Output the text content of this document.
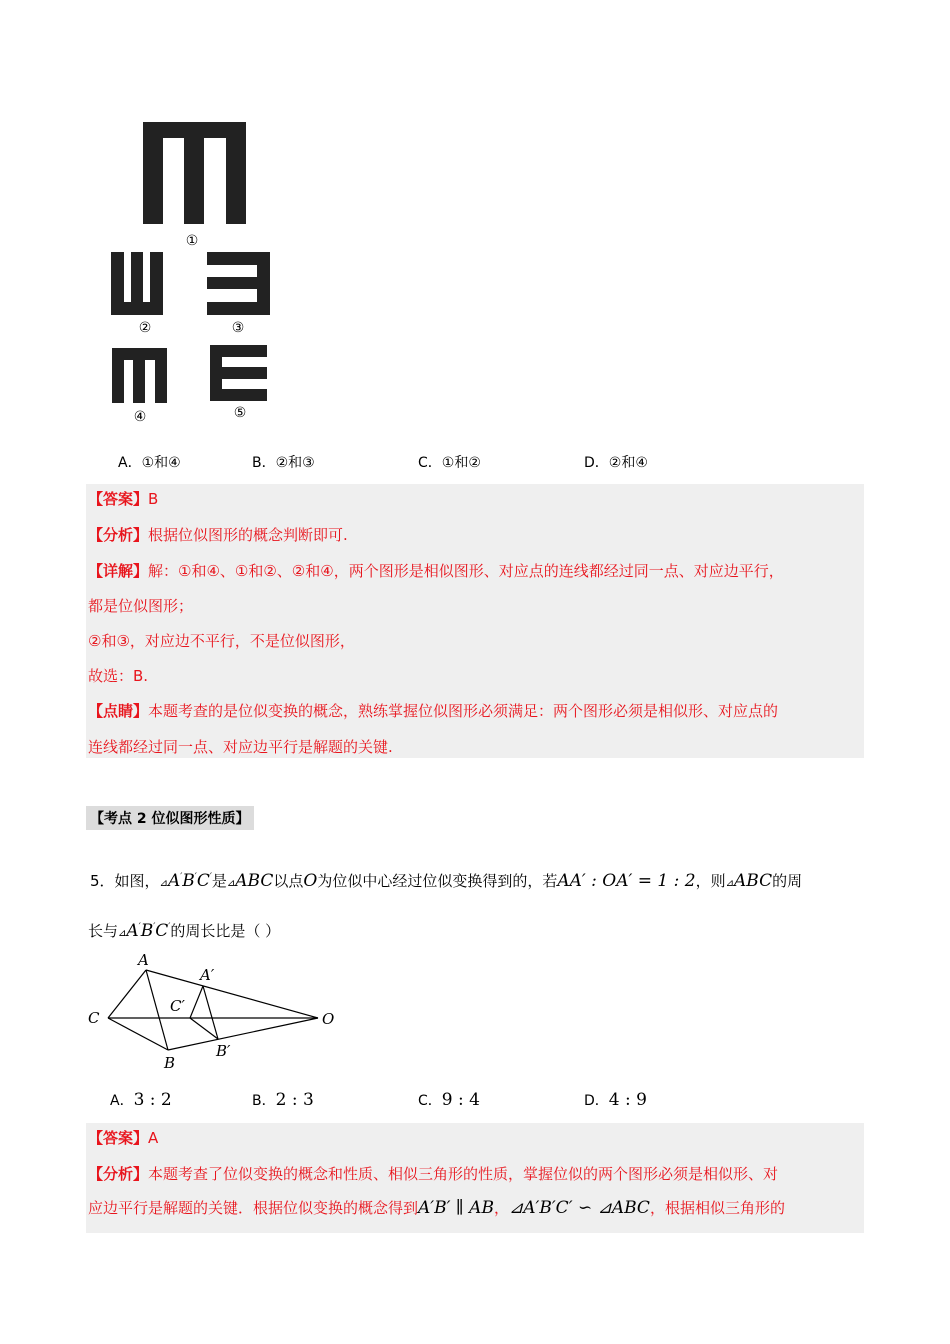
①
②	③
④	⑤
A．①和④	B．②和③	C．①和②	D．②和④
【答案】B
【分析】根据位似图形的概念判断即可.
【详解】解：①和④、①和②、②和④，两个图形是相似图形、对应点的连线都经过同一点、对应边平行，
都是位似图形；
②和③，对应边不平行，不是位似图形，
故选：B.
【点睛】本题考查的是位似变换的概念，熟练掌握位似图形必须满足：两个图形必须是相似形、对应点的
连线都经过同一点、对应边平行是解题的关键.
【考点 2 位似图形性质】
5．如图，⊿A′B′C′是⊿ABC以点O为位似中心经过位似变换得到的，若AA′ : OA′ = 1 : 2，则⊿ABC的周
长与⊿A′B′C′的周长比是（ ）
A
A′
B
B′
C
C′
O
A．3 : 2	B．2 : 3	C．9 : 4	D．4 : 9
【答案】A
【分析】本题考查了位似变换的概念和性质、相似三角形的性质，掌握位似的两个图形必须是相似形、对
应边平行是解题的关键．根据位似变换的概念得到A′B′ ∥ AB，⊿A′B′C′ ∽ ⊿ABC，根据相似三角形的
